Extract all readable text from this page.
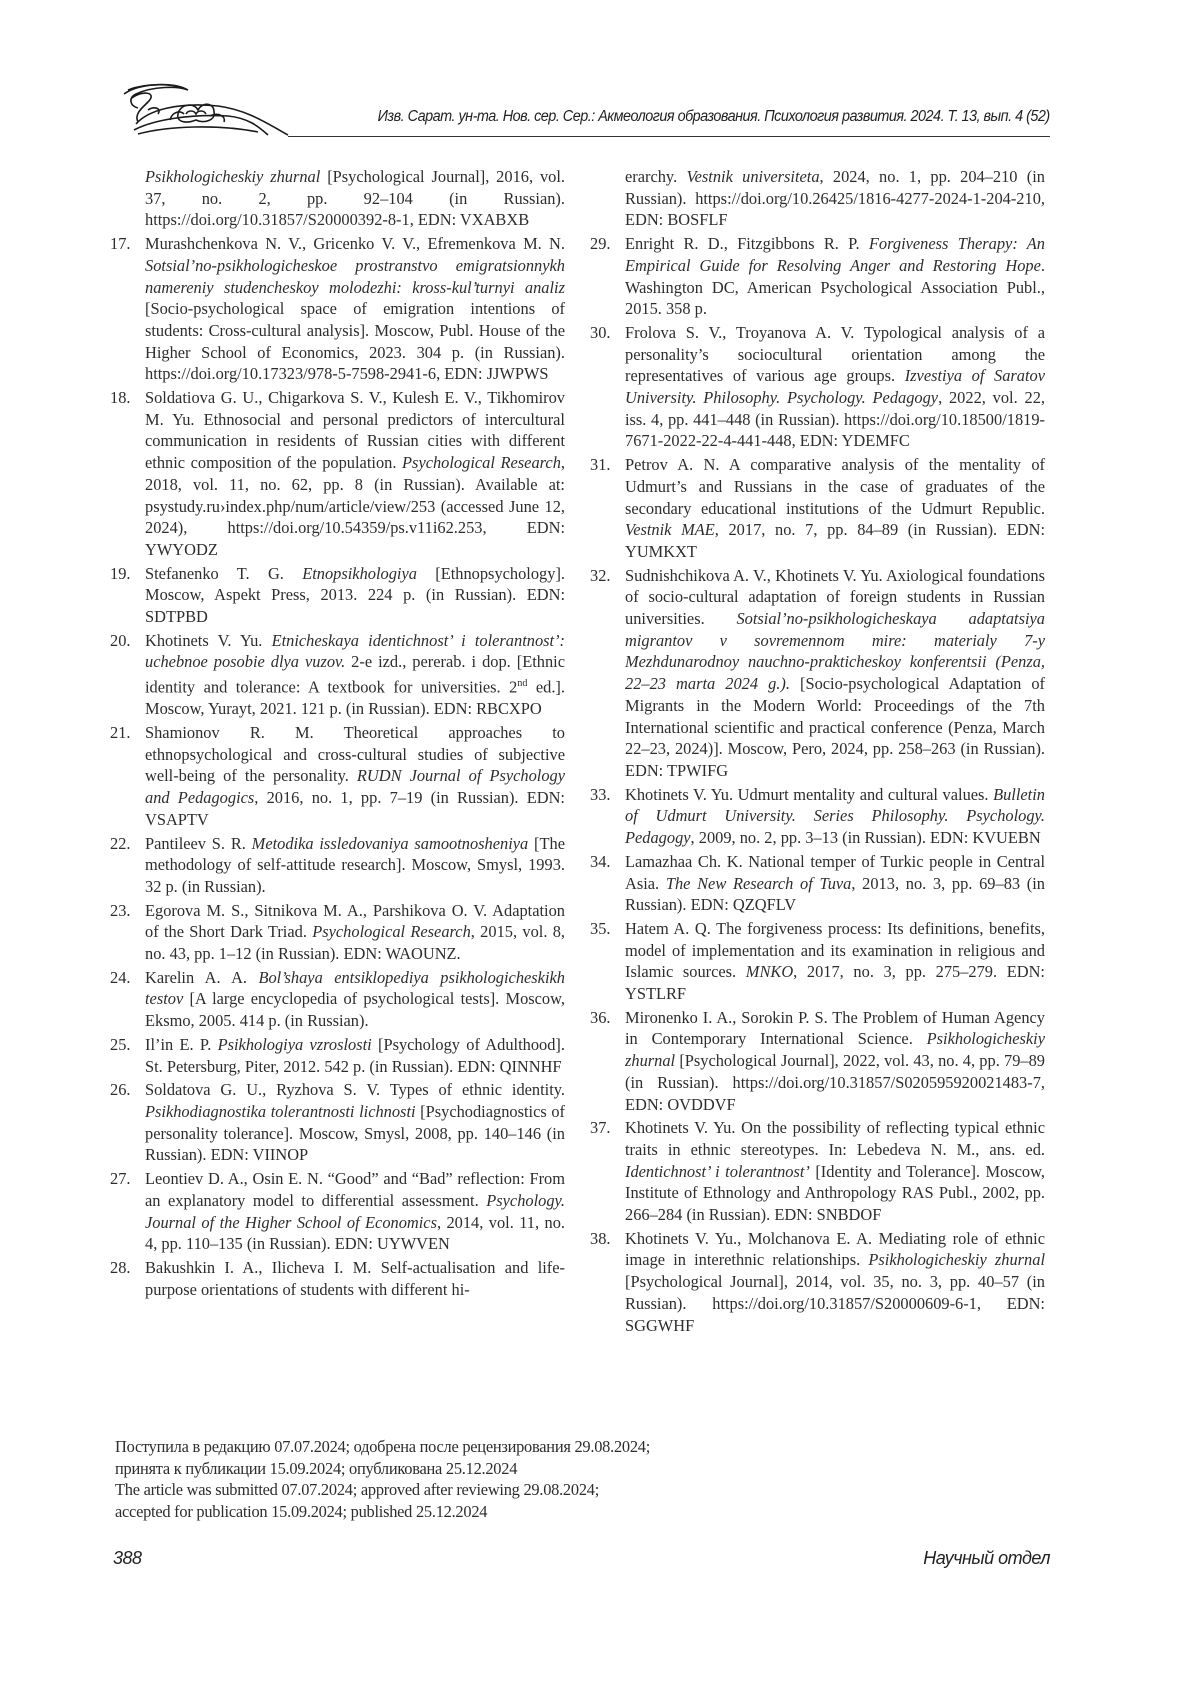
Изв. Сарат. ун-та. Нов. сер. Сер.: Акмеология образования. Психология развития. 2024. Т. 13, вып. 4 (52)
Psikhologicheskiy zhurnal [Psychological Journal], 2016, vol. 37, no. 2, pp. 92–104 (in Russian). https://doi.org/10.31857/S20000392-8-1, EDN: VXABXB
17. Murashchenkova N. V., Gricenko V. V., Efremenkova M. N. Sotsial’no-psikhologicheskoe prostranstvo emigratsionnykh namereniy studencheskoy molodezhi: kross-kul’turnyi analiz [Socio-psychological space of emigration intentions of students: Cross-cultural analysis]. Moscow, Publ. House of the Higher School of Economics, 2023. 304 p. (in Russian). https://doi.org/10.17323/978-5-7598-2941-6, EDN: JJWPWS
18. Soldatiova G. U., Chigarkova S. V., Kulesh E. V., Tikhomirov M. Yu. Ethnosocial and personal predictors of intercultural communication in residents of Russian cities with different ethnic composition of the population. Psychological Research, 2018, vol. 11, no. 62, pp. 8 (in Russian). Available at: psystudy.ru›index.php/num/article/view/253 (accessed June 12, 2024), https://doi.org/10.54359/ps.v11i62.253, EDN: YWYODZ
19. Stefanenko T. G. Etnopsikhologiya [Ethnopsychology]. Moscow, Aspekt Press, 2013. 224 p. (in Russian). EDN: SDTPBD
20. Khotinets V. Yu. Etnicheskaya identichnost’ i tolerantnost’: uchebnoe posobie dlya vuzov. 2-e izd., pererab. i dop. [Ethnic identity and tolerance: A textbook for universities. 2nd ed.]. Moscow, Yurayt, 2021. 121 p. (in Russian). EDN: RBCXPO
21. Shamionov R. M. Theoretical approaches to ethnopsychological and cross-cultural studies of subjective well-being of the personality. RUDN Journal of Psychology and Pedagogics, 2016, no. 1, pp. 7–19 (in Russian). EDN: VSAPTV
22. Pantileev S. R. Metodika issledovaniya samootnosheniya [The methodology of self-attitude research]. Moscow, Smysl, 1993. 32 p. (in Russian).
23. Egorova M. S., Sitnikova M. A., Parshikova O. V. Adaptation of the Short Dark Triad. Psychological Research, 2015, vol. 8, no. 43, pp. 1–12 (in Russian). EDN: WAOUNZ.
24. Karelin A. A. Bol’shaya entsiklopediya psikhologicheskikh testov [A large encyclopedia of psychological tests]. Moscow, Eksmo, 2005. 414 p. (in Russian).
25. Il’in E. P. Psikhologiya vzroslosti [Psychology of Adulthood]. St. Petersburg, Piter, 2012. 542 p. (in Russian). EDN: QINNHF
26. Soldatova G. U., Ryzhova S. V. Types of ethnic identity. Psikhodiagnostika tolerantnosti lichnosti [Psychodiagnostics of personality tolerance]. Moscow, Smysl, 2008, pp. 140–146 (in Russian). EDN: VIINOP
27. Leontiev D. A., Osin E. N. “Good” and “Bad” reflection: From an explanatory model to differential assessment. Psychology. Journal of the Higher School of Economics, 2014, vol. 11, no. 4, pp. 110–135 (in Russian). EDN: UYWVEN
28. Bakushkin I. A., Ilicheva I. M. Self-actualisation and life-purpose orientations of students with different hi-
erarchy. Vestnik universiteta, 2024, no. 1, pp. 204–210 (in Russian). https://doi.org/10.26425/1816-4277-2024-1-204-210, EDN: BOSFLF
29. Enright R. D., Fitzgibbons R. P. Forgiveness Therapy: An Empirical Guide for Resolving Anger and Restoring Hope. Washington DC, American Psychological Association Publ., 2015. 358 p.
30. Frolova S. V., Troyanova A. V. Typological analysis of a personality’s sociocultural orientation among the representatives of various age groups. Izvestiya of Saratov University. Philosophy. Psychology. Pedagogy, 2022, vol. 22, iss. 4, pp. 441–448 (in Russian). https://doi.org/10.18500/1819-7671-2022-22-4-441-448, EDN: YDEMFC
31. Petrov A. N. A comparative analysis of the mentality of Udmurt’s and Russians in the case of graduates of the secondary educational institutions of the Udmurt Republic. Vestnik MAE, 2017, no. 7, pp. 84–89 (in Russian). EDN: YUMKXT
32. Sudnishchikova A. V., Khotinets V. Yu. Axiological foundations of socio-cultural adaptation of foreign students in Russian universities. Sotsial’no-psikhologicheskaya adaptatsiya migrantov v sovremennom mire: materialy 7-y Mezhdunarodnoy nauchno-prakticheskoy konferentsii (Penza, 22–23 marta 2024 g.). [Socio-psychological Adaptation of Migrants in the Modern World: Proceedings of the 7th International scientific and practical conference (Penza, March 22–23, 2024)]. Moscow, Pero, 2024, pp. 258–263 (in Russian). EDN: TPWIFG
33. Khotinets V. Yu. Udmurt mentality and cultural values. Bulletin of Udmurt University. Series Philosophy. Psychology. Pedagogy, 2009, no. 2, pp. 3–13 (in Russian). EDN: KVUEBN
34. Lamazhaa Ch. K. National temper of Turkic people in Central Asia. The New Research of Tuva, 2013, no. 3, pp. 69–83 (in Russian). EDN: QZQFLV
35. Hatem A. Q. The forgiveness process: Its definitions, benefits, model of implementation and its examination in religious and Islamic sources. MNKO, 2017, no. 3, pp. 275–279. EDN: YSTLRF
36. Mironenko I. A., Sorokin P. S. The Problem of Human Agency in Contemporary International Science. Psikhologicheskiy zhurnal [Psychological Journal], 2022, vol. 43, no. 4, pp. 79–89 (in Russian). https://doi.org/10.31857/S020595920021483-7, EDN: OVDDVF
37. Khotinets V. Yu. On the possibility of reflecting typical ethnic traits in ethnic stereotypes. In: Lebedeva N. M., ans. ed. Identichnost’ i tolerantnost’ [Identity and Tolerance]. Moscow, Institute of Ethnology and Anthropology RAS Publ., 2002, pp. 266–284 (in Russian). EDN: SNBDOF
38. Khotinets V. Yu., Molchanova E. A. Mediating role of ethnic image in interethnic relationships. Psikhologicheskiy zhurnal [Psychological Journal], 2014, vol. 35, no. 3, pp. 40–57 (in Russian). https://doi.org/10.31857/S20000609-6-1, EDN: SGGWHF
Поступила в редакцию 07.07.2024; одобрена после рецензирования 29.08.2024;
принята к публикации 15.09.2024; опубликована 25.12.2024
The article was submitted 07.07.2024; approved after reviewing 29.08.2024;
accepted for publication 15.09.2024; published 25.12.2024
388	Научный отдел
